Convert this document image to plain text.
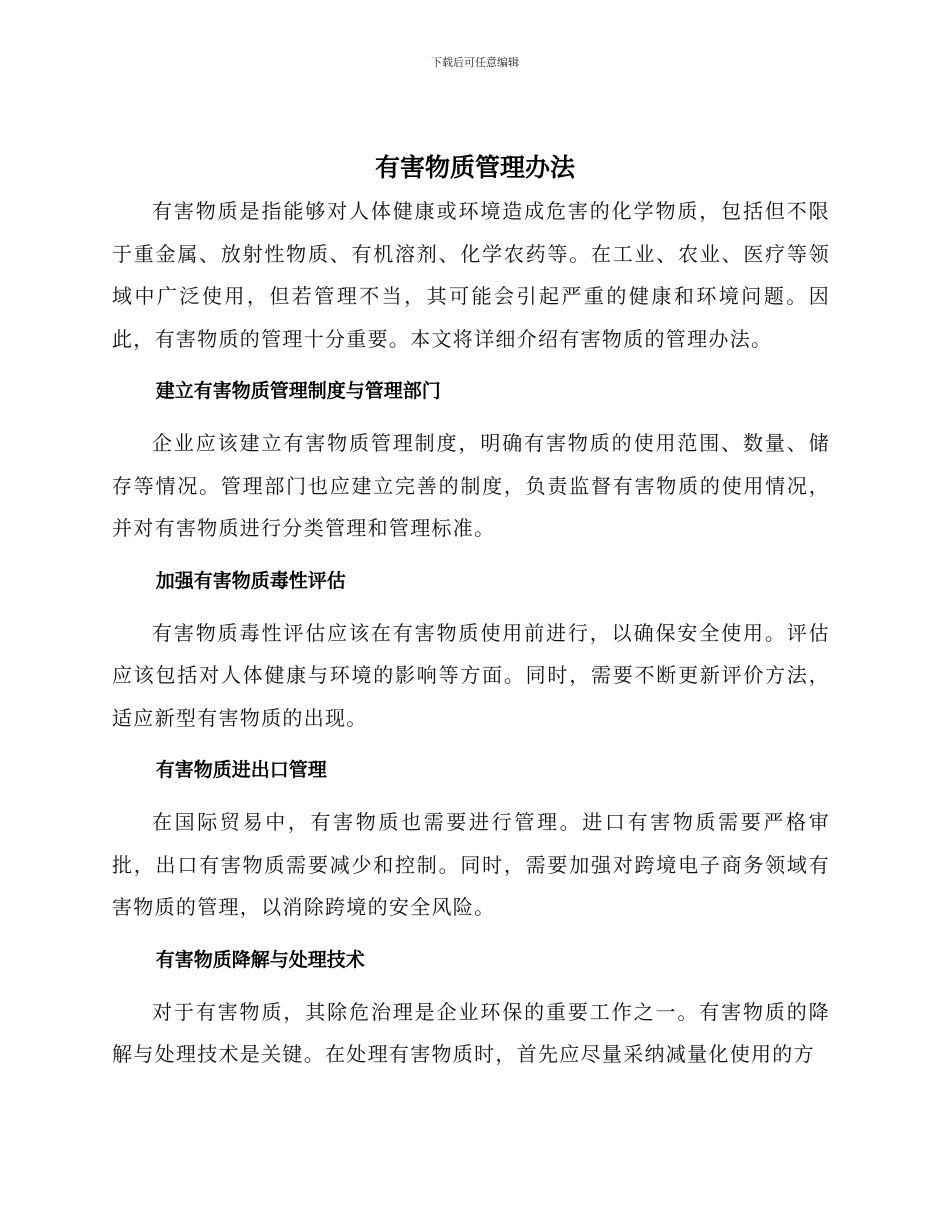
下载后可任意编辑
有害物质管理办法

有害物质是指能够对人体健康或环境造成危害的化学物质，包括但不限于重金属、放射性物质、有机溶剂、化学农药等。在工业、农业、医疗等领域中广泛使用，但若管理不当，其可能会引起严重的健康和环境问题。因此，有害物质的管理十分重要。本文将详细介绍有害物质的管理办法。

建立有害物质管理制度与管理部门

企业应该建立有害物质管理制度，明确有害物质的使用范围、数量、储存等情况。管理部门也应建立完善的制度，负责监督有害物质的使用情况，并对有害物质进行分类管理和管理标准。

加强有害物质毒性评估

有害物质毒性评估应该在有害物质使用前进行，以确保安全使用。评估应该包括对人体健康与环境的影响等方面。同时，需要不断更新评价方法，适应新型有害物质的出现。

有害物质进出口管理

在国际贸易中，有害物质也需要进行管理。进口有害物质需要严格审批，出口有害物质需要减少和控制。同时，需要加强对跨境电子商务领域有害物质的管理，以消除跨境的安全风险。

有害物质降解与处理技术

对于有害物质，其除危治理是企业环保的重要工作之一。有害物质的降解与处理技术是关键。在处理有害物质时，首先应尽量采纳减量化使用的方
